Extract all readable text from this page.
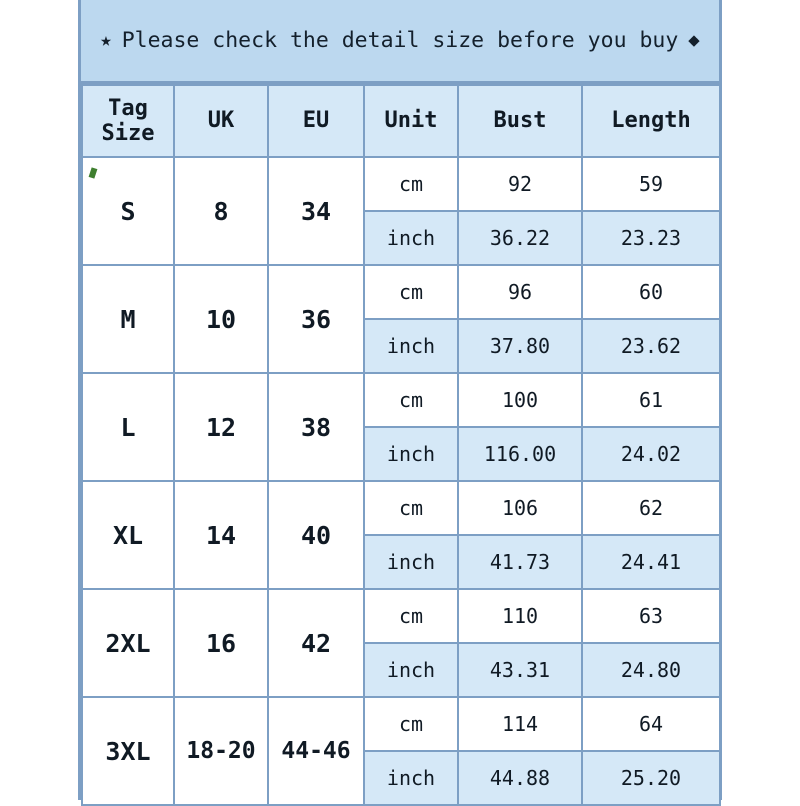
★ Please check the detail size before you buy ◆
Tag
Size	UK	EU	Unit	Bust	Length
S	8	34	cm	92	59
			inch	36.22	23.23
M	10	36	cm	96	60
			inch	37.80	23.62
L	12	38	cm	100	61
			inch	116.00	24.02
XL	14	40	cm	106	62
			inch	41.73	24.41
2XL	16	42	cm	110	63
			inch	43.31	24.80
3XL	18-20	44-46	cm	114	64
			inch	44.88	25.20
